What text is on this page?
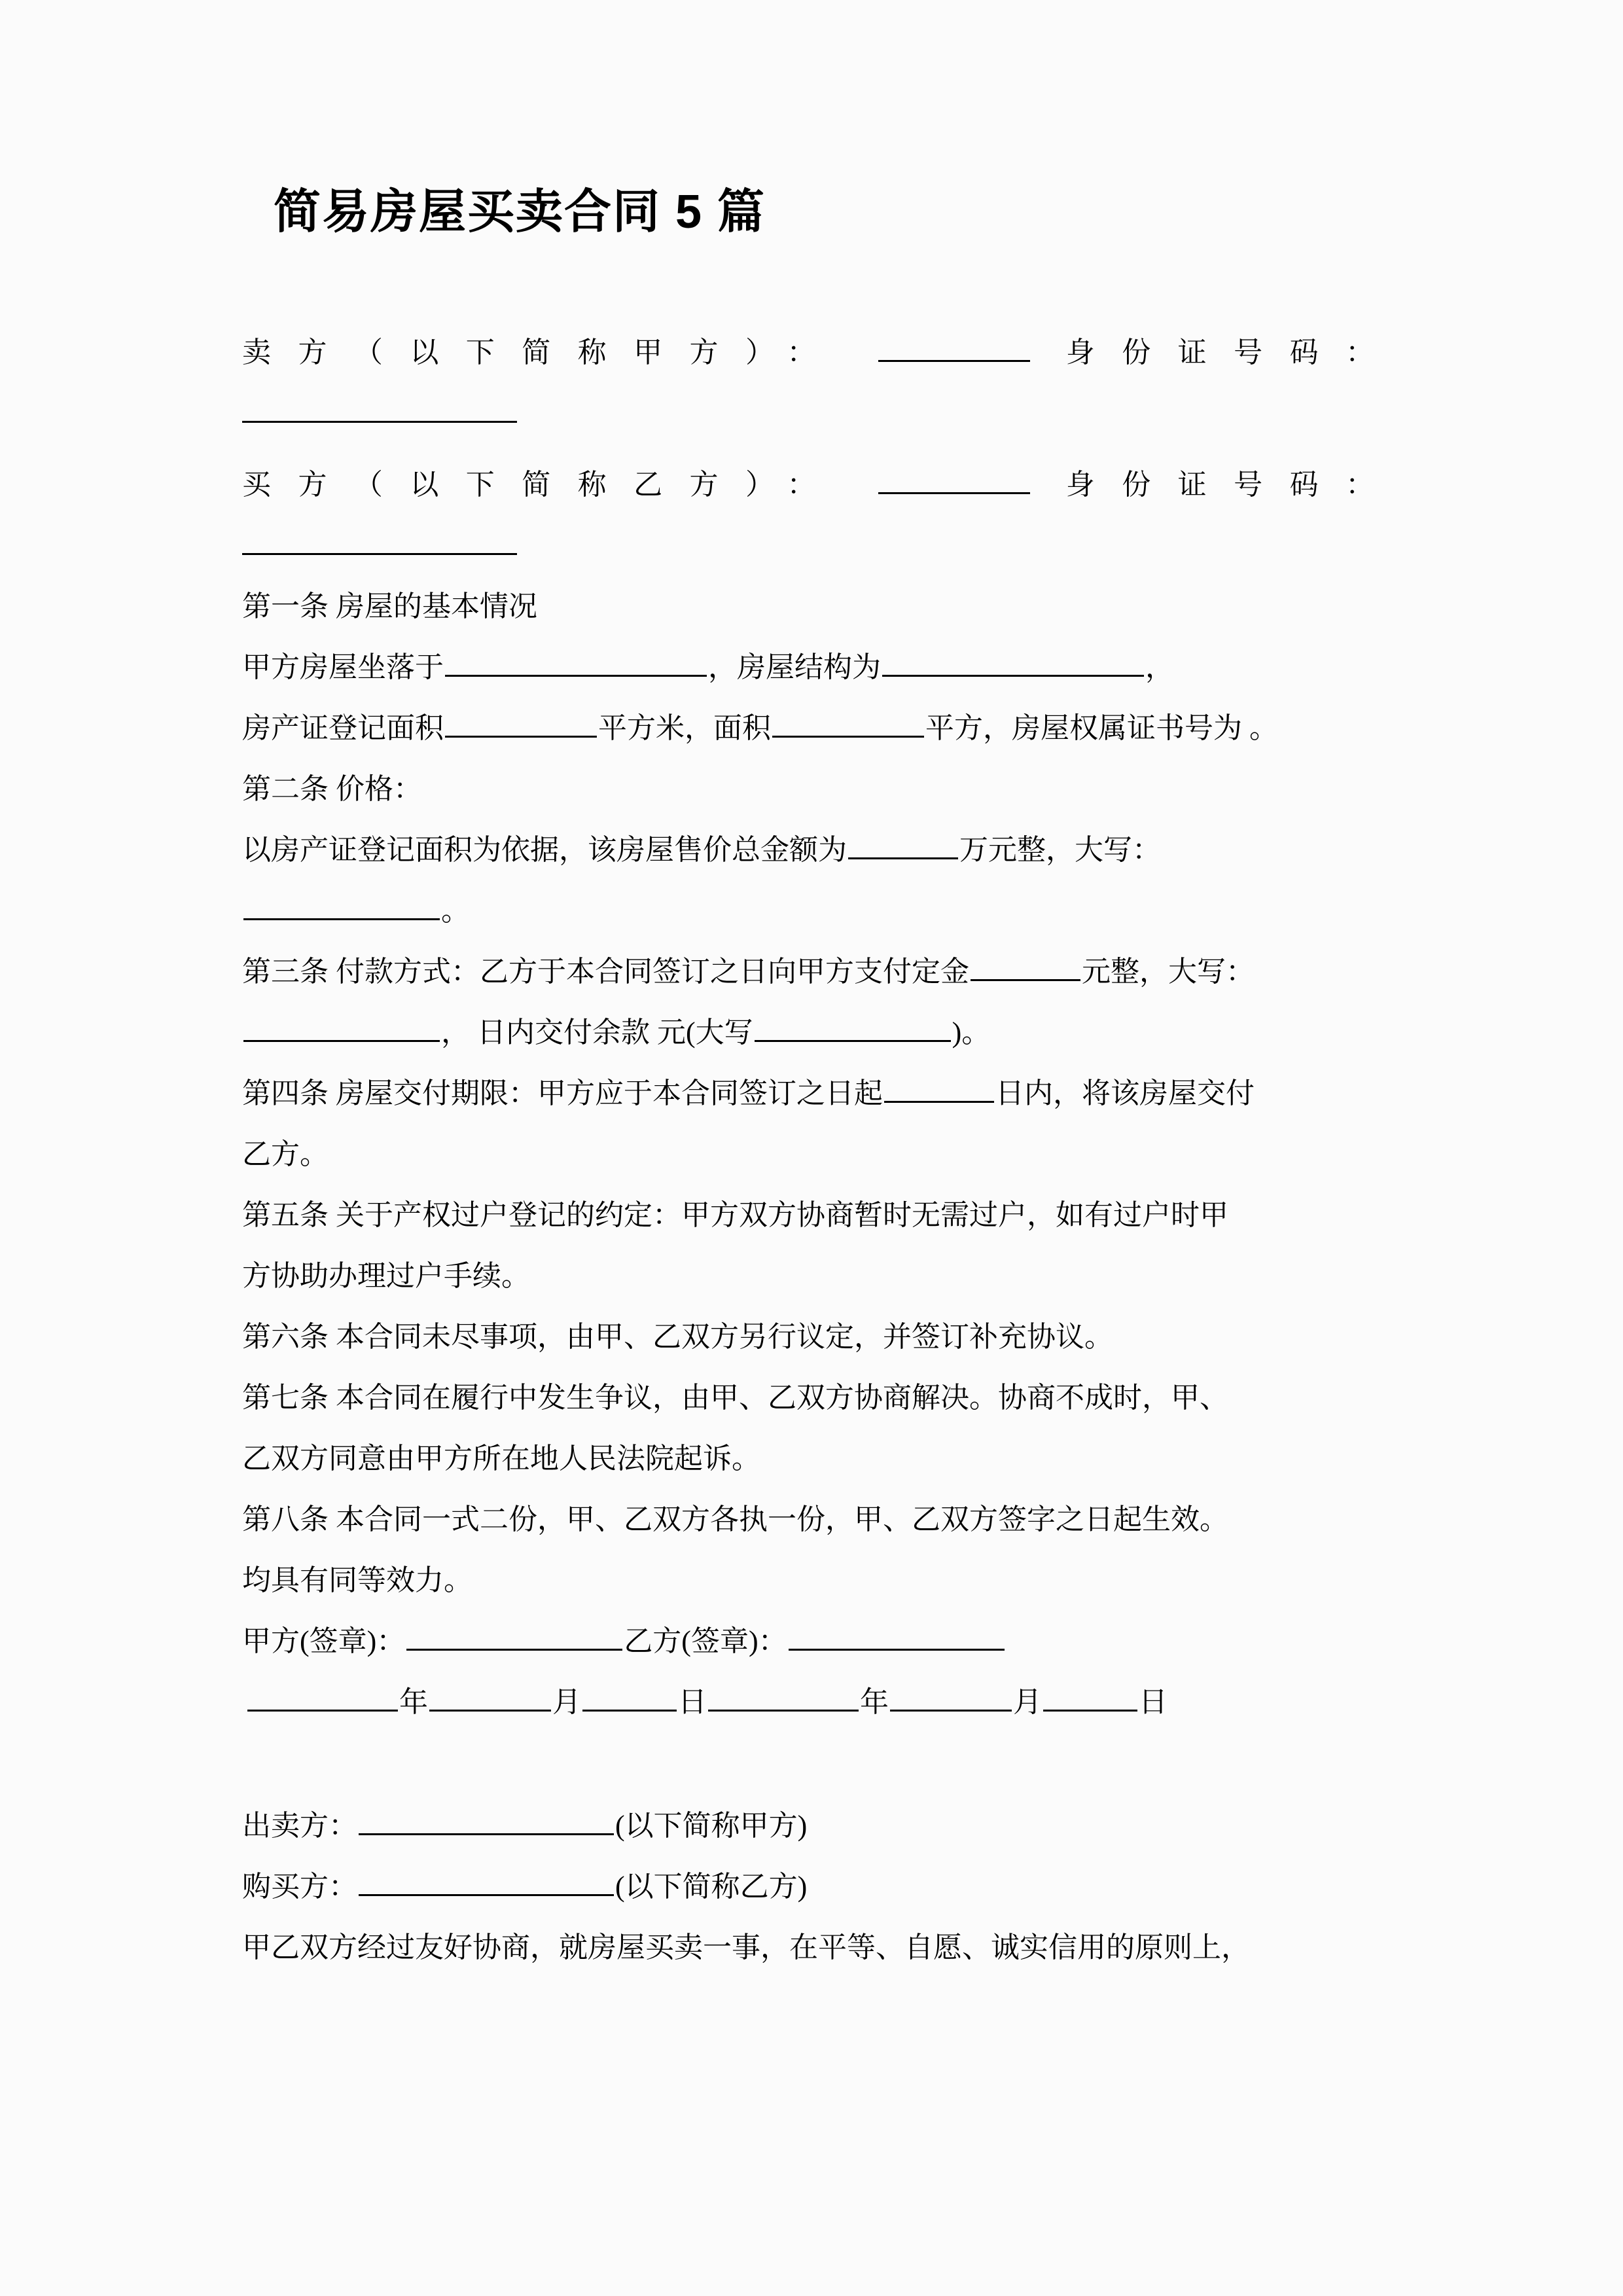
简易房屋买卖合同 5 篇
卖方（以下简称甲方）：	身份证号码：
买方（以下简称乙方）：	身份证号码：
第一条 房屋的基本情况
甲方房屋坐落于	，房屋结构为	，
房产证登记面积	平方米，面积	平方，房屋权属证书号为 。
第二条 价格：
以房产证登记面积为依据，该房屋售价总金额为	万元整，大写：
。
第三条 付款方式：乙方于本合同签订之日向甲方支付定金	元整，大写：
， 日内交付余款 元(大写	)。
第四条 房屋交付期限：甲方应于本合同签订之日起	日内，将该房屋交付
乙方。
第五条 关于产权过户登记的约定：甲方双方协商暂时无需过户，如有过户时甲
方协助办理过户手续。
第六条 本合同未尽事项，由甲、乙双方另行议定，并签订补充协议。
第七条 本合同在履行中发生争议，由甲、乙双方协商解决。协商不成时，甲、
乙双方同意由甲方所在地人民法院起诉。
第八条 本合同一式二份，甲、乙双方各执一份，甲、乙双方签字之日起生效。
均具有同等效力。
甲方(签章)：	乙方(签章)：
年	月	日	年	月	日
出卖方：	(以下简称甲方)
购买方：	(以下简称乙方)
甲乙双方经过友好协商，就房屋买卖一事，在平等、自愿、诚实信用的原则上，
